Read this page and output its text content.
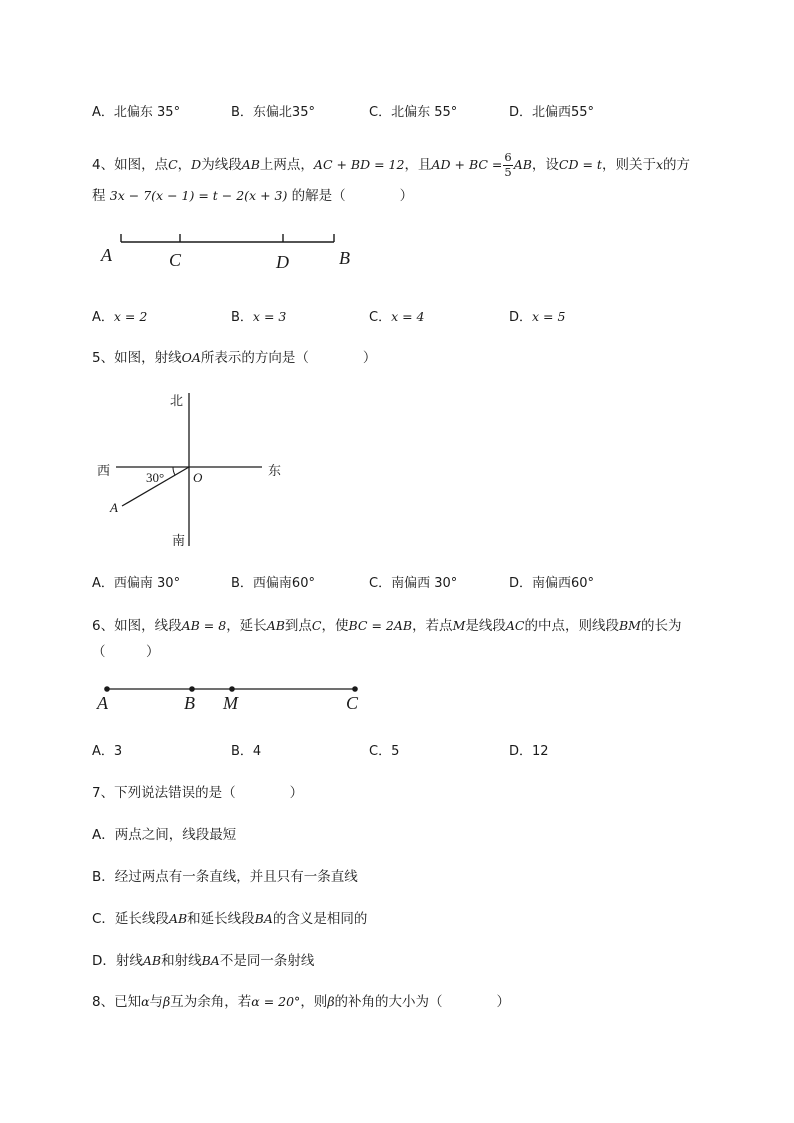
A．北偏东 35°	B．东偏北35°	C．北偏东 55°	D．北偏西55°
4、如图，点C，D为线段AB上两点，AC + BD = 12，且AD + BC = $\frac{6}{5}$ AB，设CD = t，则关于x的方
程 3x − 7(x − 1) = t − 2(x + 3) 的解是（　　　　）
A	C	D	B
A．x = 2	B．x = 3	C．x = 4	D．x = 5
5、如图，射线OA所表示的方向是（　　　　）
北
南
西	东
O
A
30°
A．西偏南 30°	B．西偏南60°	C．南偏西 30°	D．南偏西60°
6、如图，线段AB = 8，延长AB到点C，使BC = 2AB，若点M是线段AC的中点，则线段BM的长为
（　　　）
A	B M	C
A．3	B．4	C．5	D．12
7、下列说法错误的是（　　　　）
A．两点之间，线段最短
B．经过两点有一条直线，并且只有一条直线
C．延长线段AB和延长线段BA的含义是相同的
D．射线AB和射线BA不是同一条射线
8、已知α与β互为余角，若α = 20°，则β的补角的大小为（　　　　）
